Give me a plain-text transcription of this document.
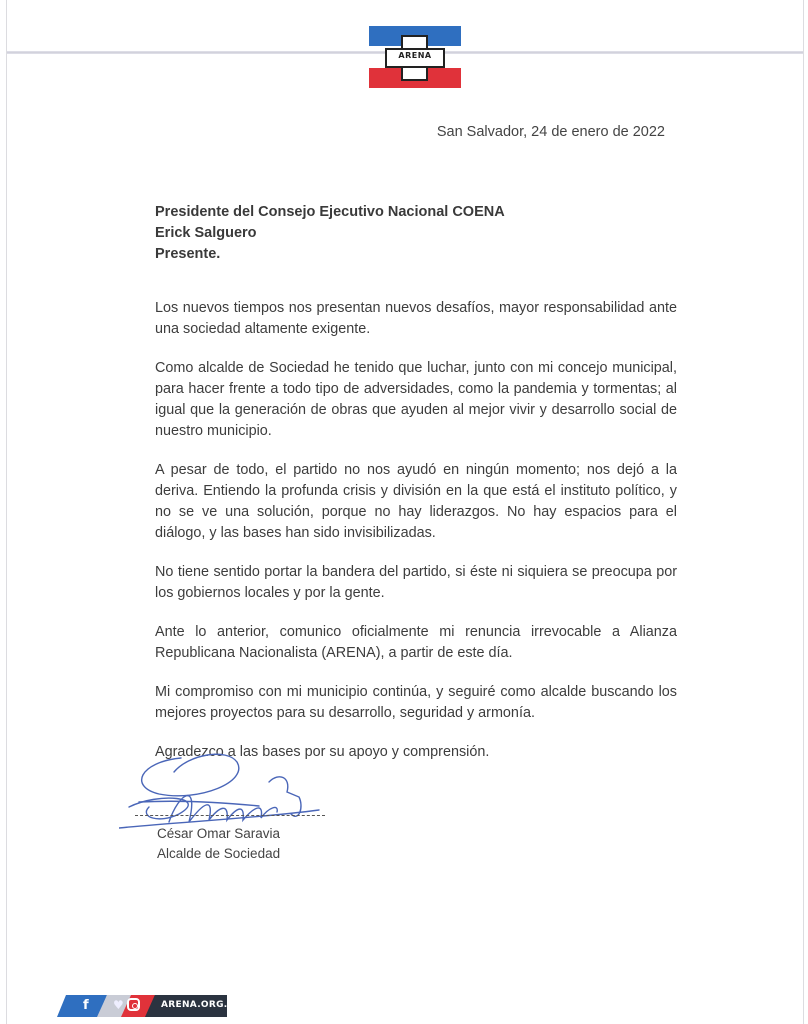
ARENA
San Salvador, 24 de enero de 2022
Presidente del Consejo Ejecutivo Nacional COENA
Erick Salguero
Presente.

Los nuevos tiempos nos presentan nuevos desafíos, mayor responsabilidad ante una sociedad altamente exigente.

Como alcalde de Sociedad he tenido que luchar, junto con mi concejo municipal, para hacer frente a todo tipo de adversidades, como la pandemia y tormentas; al igual que la generación de obras que ayuden al mejor vivir y desarrollo social de nuestro municipio.

A pesar de todo, el partido no nos ayudó en ningún momento; nos dejó a la deriva. Entiendo la profunda crisis y división en la que está el instituto político, y no se ve una solución, porque no hay liderazgos. No hay espacios para el diálogo, y las bases han sido invisibilizadas.

No tiene sentido portar la bandera del partido, si éste ni siquiera se preocupa por los gobiernos locales y por la gente.

Ante lo anterior, comunico oficialmente mi renuncia irrevocable a Alianza Republicana Nacionalista (ARENA), a partir de este día.

Mi compromiso con mi municipio continúa, y seguiré como alcalde buscando los mejores proyectos para su desarrollo, seguridad y armonía.

Agradezco a las bases por su apoyo y comprensión.

César Omar Saravia
Alcalde de Sociedad
f ♥	ARENA.ORG.SV
